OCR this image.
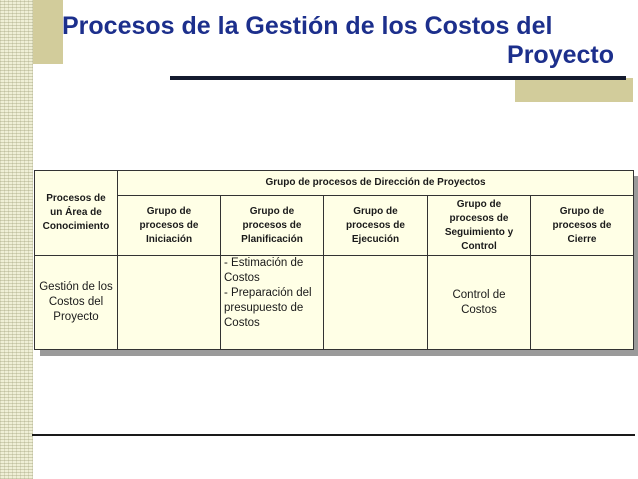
Procesos de la Gestión de los Costos del
Proyecto
Procesos de
un Área de
Conocimiento
Grupo de procesos de Dirección de Proyectos
Grupo de
procesos de
Iniciación
Grupo de
procesos de
Planificación
Grupo de
procesos de
Ejecución
Grupo de
procesos de
Seguimiento y
Control
Grupo de
procesos de
Cierre
Gestión de los
Costos del
Proyecto
- Estimación de
Costos
- Preparación del
presupuesto de
Costos
Control de
Costos
